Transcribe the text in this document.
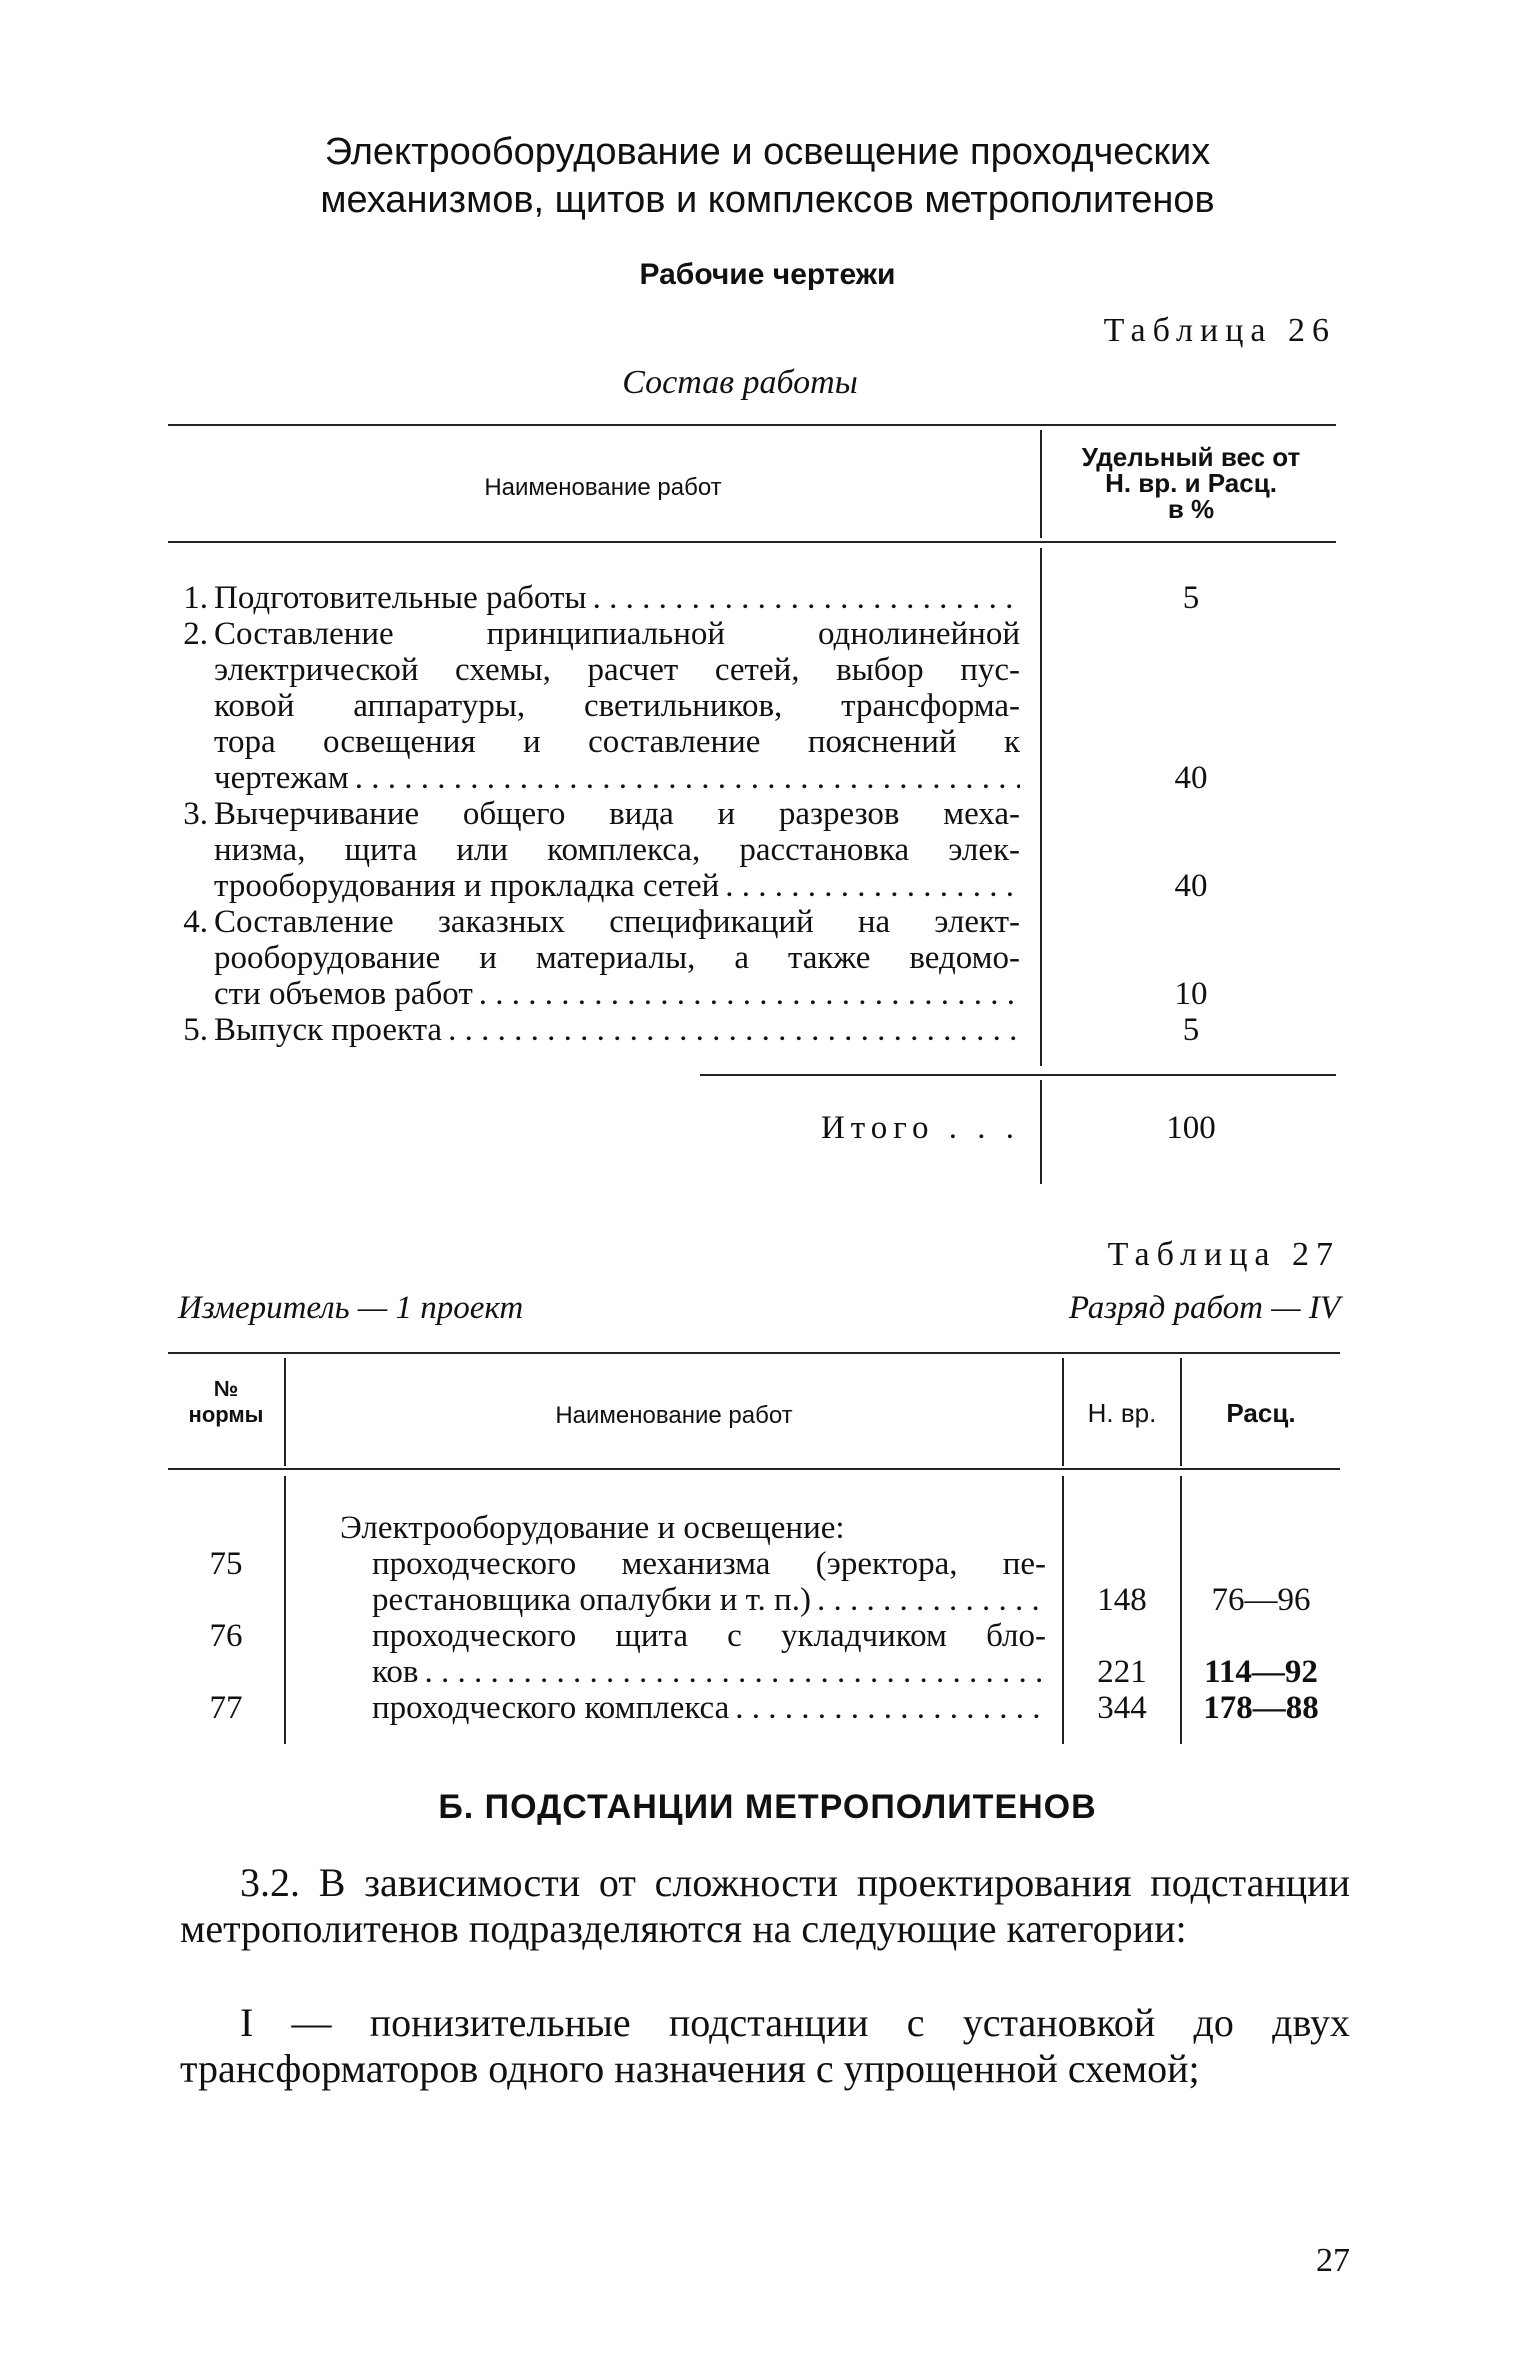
Электрооборудование и освещение проходческих
механизмов, щитов и комплексов метрополитенов
Рабочие чертежи
Таблица 26
Состав работы
Наименование работ
Удельный вес от
Н. вр. и Расц.
в %
1. Подготовительные работы . . .	5
2. Составление принципиальной однолинейной
электрической схемы, расчет сетей, выбор пус-
ковой аппаратуры, светильников, трансформа-
тора освещения и составление пояснений к
чертежам . . .	40
3. Вычерчивание общего вида и разрезов меха-
низма, щита или комплекса, расстановка элек-
трооборудования и прокладка сетей . . .	40
4. Составление заказных спецификаций на элект-
рооборудование и материалы, а также ведомо-
сти объемов работ . . .	10
5. Выпуск проекта . . .	5
Итого . . .	100
Таблица 27
Измеритель — 1 проект	Разряд работ — IV
№
нормы	Наименование работ	Н. вр.	Расц.
Электрооборудование и освещение:
75	проходческого механизма (эректора, пе-
рестановщика опалубки и т. п.) . . .	148	76—96
76	проходческого щита с укладчиком бло-
ков . . .	221	114—92
77	проходческого комплекса . . .	344	178—88
Б. ПОДСТАНЦИИ МЕТРОПОЛИТЕНОВ

3.2. В зависимости от сложности проектирования подстанции метрополитенов подразделяются на следующие категории:

I — понизительные подстанции с установкой до двух трансформаторов одного назначения с упрощенной схемой;

27
